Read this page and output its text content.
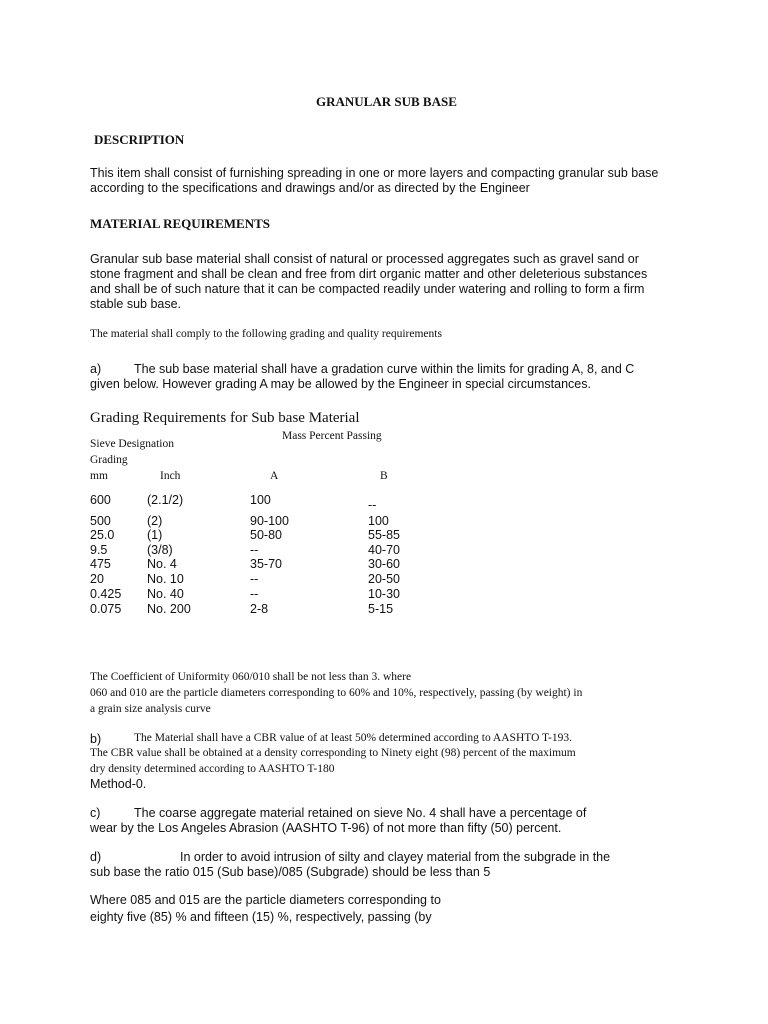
GRANULAR SUB BASE
DESCRIPTION
This item shall consist of furnishing spreading in one or more layers and compacting granular sub base
according to the specifications and drawings and/or as directed by the Engineer
MATERIAL REQUIREMENTS
Granular sub base material shall consist of natural or processed aggregates such as gravel sand or
stone fragment and shall be clean and free from dirt organic matter and other deleterious substances
and shall be of such nature that it can be compacted readily under watering and rolling to form a firm
stable sub base.
The material shall comply to the following grading and quality requirements
a)	The sub base material shall have a gradation curve within the limits for grading A, 8, and C
given below. However grading A may be allowed by the Engineer in special circumstances.
Grading Requirements for Sub base Material
Mass Percent Passing
Sieve Designation
Grading
mm	Inch	A	B
600	(2.1/2)	100	--
500	(2)	90-100	100
25.0	(1)	50-80	55-85
9.5	(3/8)	--	40-70
475	No. 4	35-70	30-60
20	No. 10	--	20-50
0.425 No. 40	--	10-30
0.075 No. 200	2-8	5-15
The Coefficient of Uniformity 060/010 shall be not less than 3. where
060 and 010 are the particle diameters corresponding to 60% and 10%, respectively, passing (by weight) in
a grain size analysis curve
b)	The Material shall have a CBR value of at least 50% determined according to AASHTO T-193.
The CBR value shall be obtained at a density corresponding to Ninety eight (98) percent of the maximum
dry density determined according to AASHTO T-180
Method-0.
c)	The coarse aggregate material retained on sieve No. 4 shall have a percentage of
wear by the Los Angeles Abrasion (AASHTO T-96) of not more than fifty (50) percent.
d)	In order to avoid intrusion of silty and clayey material from the subgrade in the
sub base the ratio 015 (Sub base)/085 (Subgrade) should be less than 5
Where 085 and 015 are the particle diameters corresponding to
eighty five (85) % and fifteen (15) %, respectively, passing (by
